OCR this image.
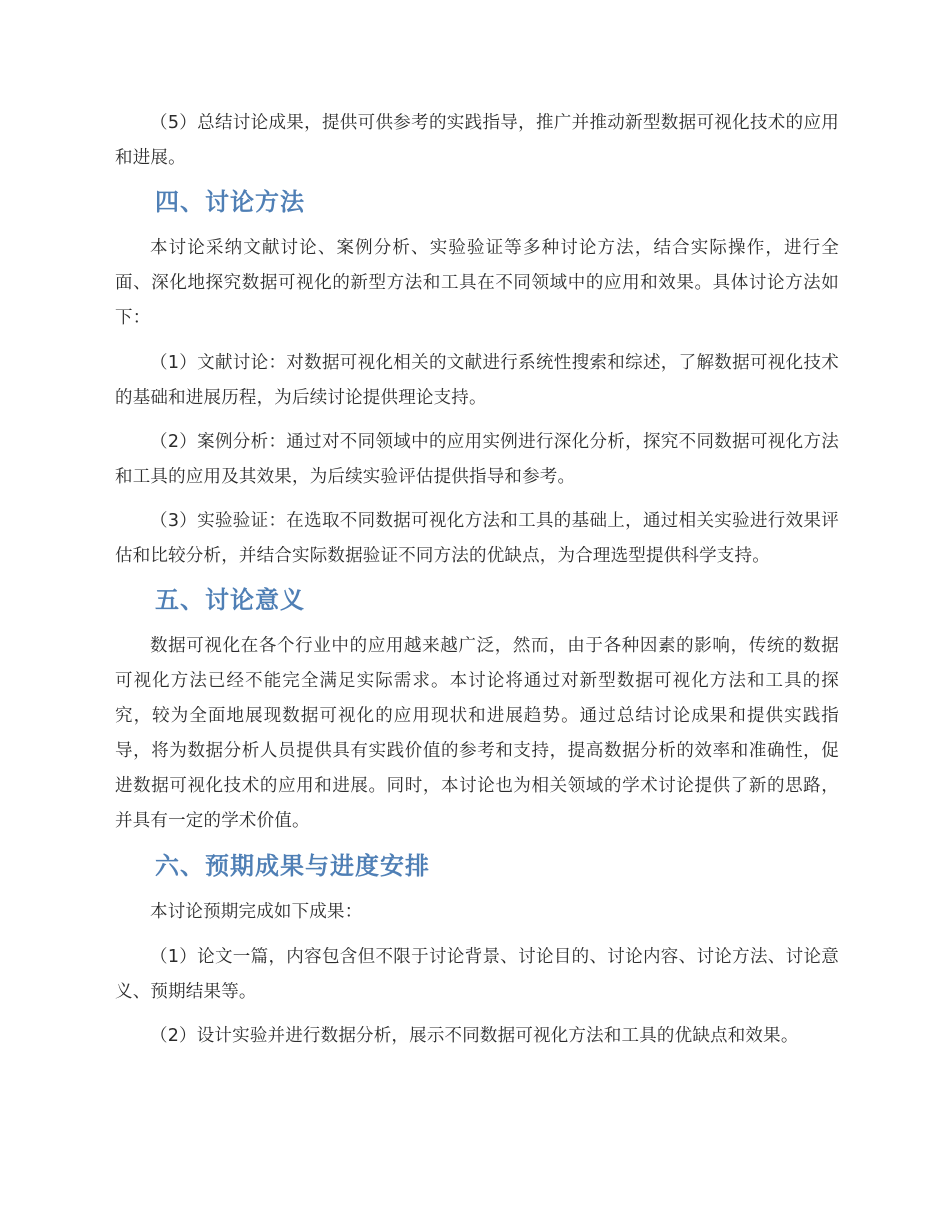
（5）总结讨论成果，提供可供参考的实践指导，推广并推动新型数据可视化技术的应用和进展。

四、讨论方法

本讨论采纳文献讨论、案例分析、实验验证等多种讨论方法，结合实际操作，进行全面、深化地探究数据可视化的新型方法和工具在不同领域中的应用和效果。具体讨论方法如下：

（1）文献讨论：对数据可视化相关的文献进行系统性搜索和综述，了解数据可视化技术的基础和进展历程，为后续讨论提供理论支持。

（2）案例分析：通过对不同领域中的应用实例进行深化分析，探究不同数据可视化方法和工具的应用及其效果，为后续实验评估提供指导和参考。

（3）实验验证：在选取不同数据可视化方法和工具的基础上，通过相关实验进行效果评估和比较分析，并结合实际数据验证不同方法的优缺点，为合理选型提供科学支持。

五、讨论意义

数据可视化在各个行业中的应用越来越广泛，然而，由于各种因素的影响，传统的数据可视化方法已经不能完全满足实际需求。本讨论将通过对新型数据可视化方法和工具的探究，较为全面地展现数据可视化的应用现状和进展趋势。通过总结讨论成果和提供实践指导，将为数据分析人员提供具有实践价值的参考和支持，提高数据分析的效率和准确性，促进数据可视化技术的应用和进展。同时，本讨论也为相关领域的学术讨论提供了新的思路，并具有一定的学术价值。

六、预期成果与进度安排

本讨论预期完成如下成果：

（1）论文一篇，内容包含但不限于讨论背景、讨论目的、讨论内容、讨论方法、讨论意义、预期结果等。

（2）设计实验并进行数据分析，展示不同数据可视化方法和工具的优缺点和效果。
